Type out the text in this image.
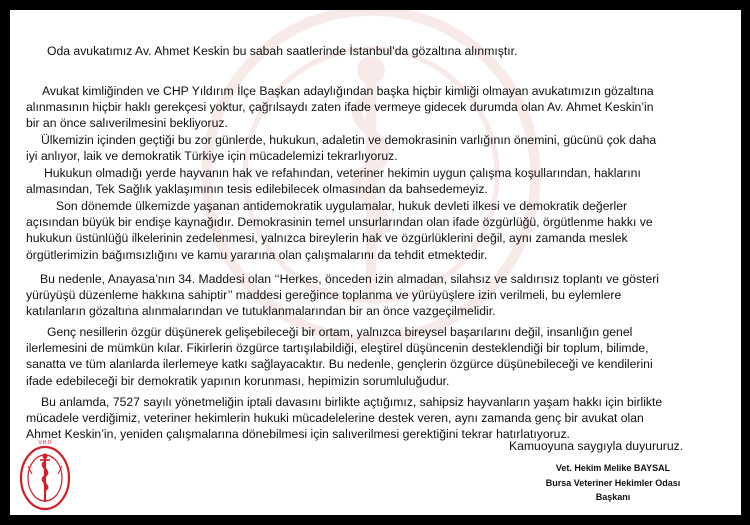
Oda avukatımız Av. Ahmet Keskin bu sabah saatlerinde İstanbul’da gözaltına alınmıştır.

Avukat kimliğinden ve CHP Yıldırım İlçe Başkan adaylığından başka hiçbir kimliği olmayan avukatımızın gözaltına
alınmasının hiçbir haklı gerekçesi yoktur, çağrılsaydı zaten ifade vermeye gidecek durumda olan Av. Ahmet Keskin’in
bir an önce salıverilmesini bekliyoruz.

Ülkemizin içinden geçtiği bu zor günlerde, hukukun, adaletin ve demokrasinin varlığının önemini, gücünü çok daha
iyi anlıyor, laik ve demokratik Türkiye için mücadelemizi tekrarlıyoruz.

Hukukun olmadığı yerde hayvanın hak ve refahından, veteriner hekimin uygun çalışma koşullarından, haklarını
almasından, Tek Sağlık yaklaşımının tesis edilebilecek olmasından da bahsedemeyiz.

Son dönemde ülkemizde yaşanan antidemokratik uygulamalar, hukuk devleti ilkesi ve demokratik değerler
açısından büyük bir endişe kaynağıdır. Demokrasinin temel unsurlarından olan ifade özgürlüğü, örgütlenme hakkı ve
hukukun üstünlüğü ilkelerinin zedelenmesi, yalnızca bireylerin hak ve özgürlüklerini değil, aynı zamanda meslek
örgütlerimizin bağımsızlığını ve kamu yararına olan çalışmalarını da tehdit etmektedir.

Bu nedenle, Anayasa’nın 34. Maddesi olan ‘‘Herkes, önceden izin almadan, silahsız ve saldırısız toplantı ve gösteri
yürüyüşü düzenleme hakkına sahiptir’’ maddesi gereğince toplanma ve yürüyüşlere izin verilmeli, bu eylemlere
katılanların gözaltına alınmalarından ve tutuklanmalarından bir an önce vazgeçilmelidir.

Genç nesillerin özgür düşünerek gelişebileceği bir ortam, yalnızca bireysel başarılarını değil, insanlığın genel
ilerlemesini de mümkün kılar. Fikirlerin özgürce tartışılabildiği, eleştirel düşüncenin desteklendiği bir toplum, bilimde,
sanatta ve tüm alanlarda ilerlemeye katkı sağlayacaktır. Bu nedenle, gençlerin özgürce düşünebileceği ve kendilerini
ifade edebileceği bir demokratik yapının korunması, hepimizin sorumluluğudur.

Bu anlamda, 7527 sayılı yönetmeliğin iptali davasını birlikte açtığımız, sahipsiz hayvanların yaşam hakkı için birlikte
mücadele verdiğimiz, veteriner hekimlerin hukuki mücadelelerine destek veren, aynı zamanda genç bir avukat olan
Ahmet Keskin’in, yeniden çalışmalarına dönebilmesi için salıverilmesi gerektiğini tekrar hatırlatıyoruz.

Kamuoyuna saygıyla duyururuz.
Vet. Hekim Melike BAYSAL
Bursa Veteriner Hekimler Odası
Başkanı
V.H.O
